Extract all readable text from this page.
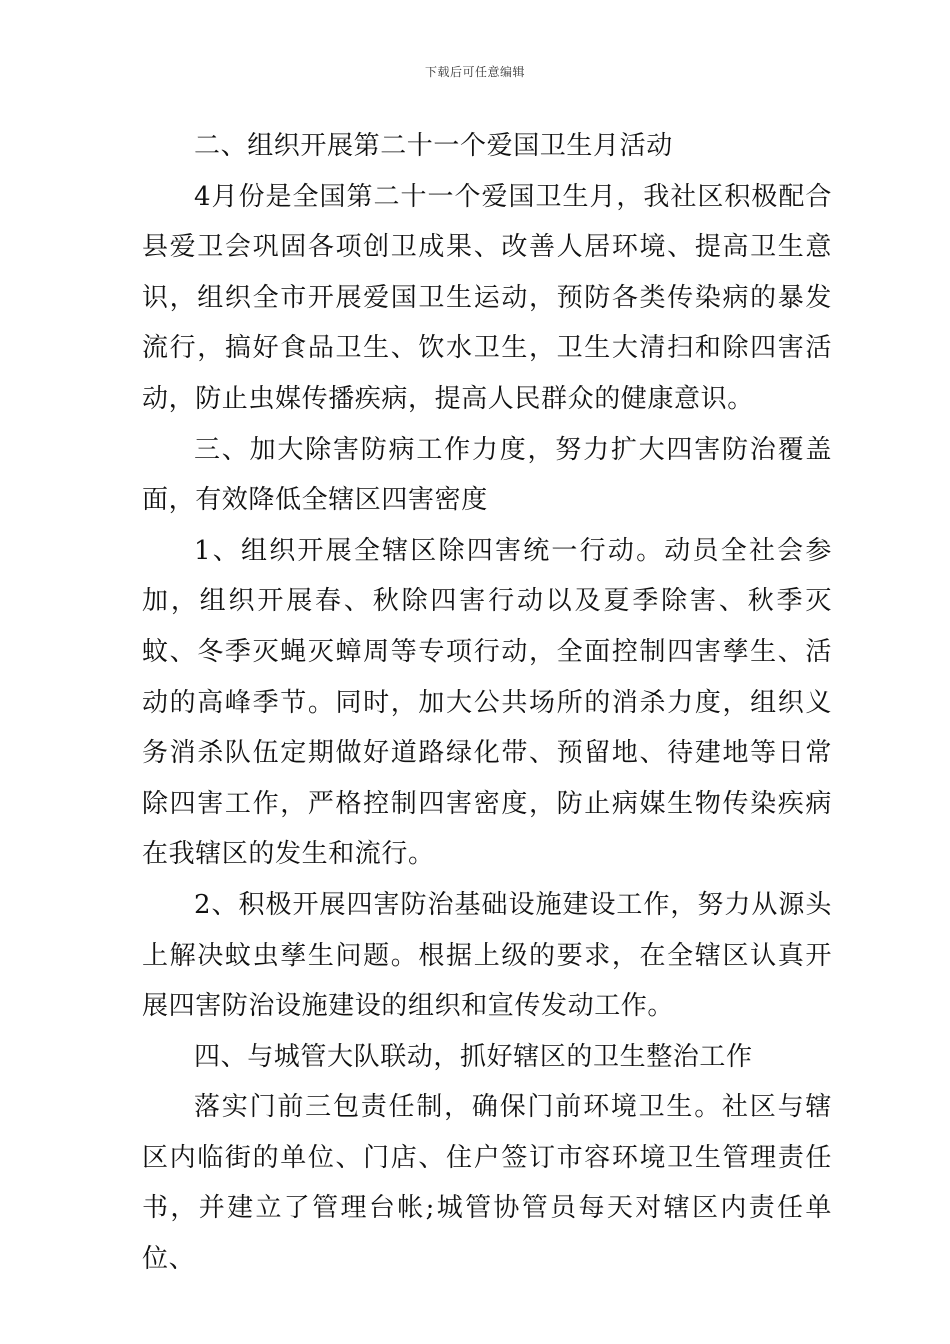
下载后可任意编辑

二、组织开展第二十一个爱国卫生月活动

4月份是全国第二十一个爱国卫生月，我社区积极配合县爱卫会巩固各项创卫成果、改善人居环境、提高卫生意识，组织全市开展爱国卫生运动，预防各类传染病的暴发流行，搞好食品卫生、饮水卫生，卫生大清扫和除四害活动，防止虫媒传播疾病，提高人民群众的健康意识。

三、加大除害防病工作力度，努力扩大四害防治覆盖面，有效降低全辖区四害密度

1、组织开展全辖区除四害统一行动。动员全社会参加，组织开展春、秋除四害行动以及夏季除害、秋季灭蚊、冬季灭蝇灭蟑周等专项行动，全面控制四害孳生、活动的高峰季节。同时，加大公共场所的消杀力度，组织义务消杀队伍定期做好道路绿化带、预留地、待建地等日常除四害工作，严格控制四害密度，防止病媒生物传染疾病在我辖区的发生和流行。

2、积极开展四害防治基础设施建设工作，努力从源头上解决蚊虫孳生问题。根据上级的要求，在全辖区认真开展四害防治设施建设的组织和宣传发动工作。

四、与城管大队联动，抓好辖区的卫生整治工作

落实门前三包责任制，确保门前环境卫生。社区与辖区内临街的单位、门店、住户签订市容环境卫生管理责任书，并建立了管理台帐;城管协管员每天对辖区内责任单位、
